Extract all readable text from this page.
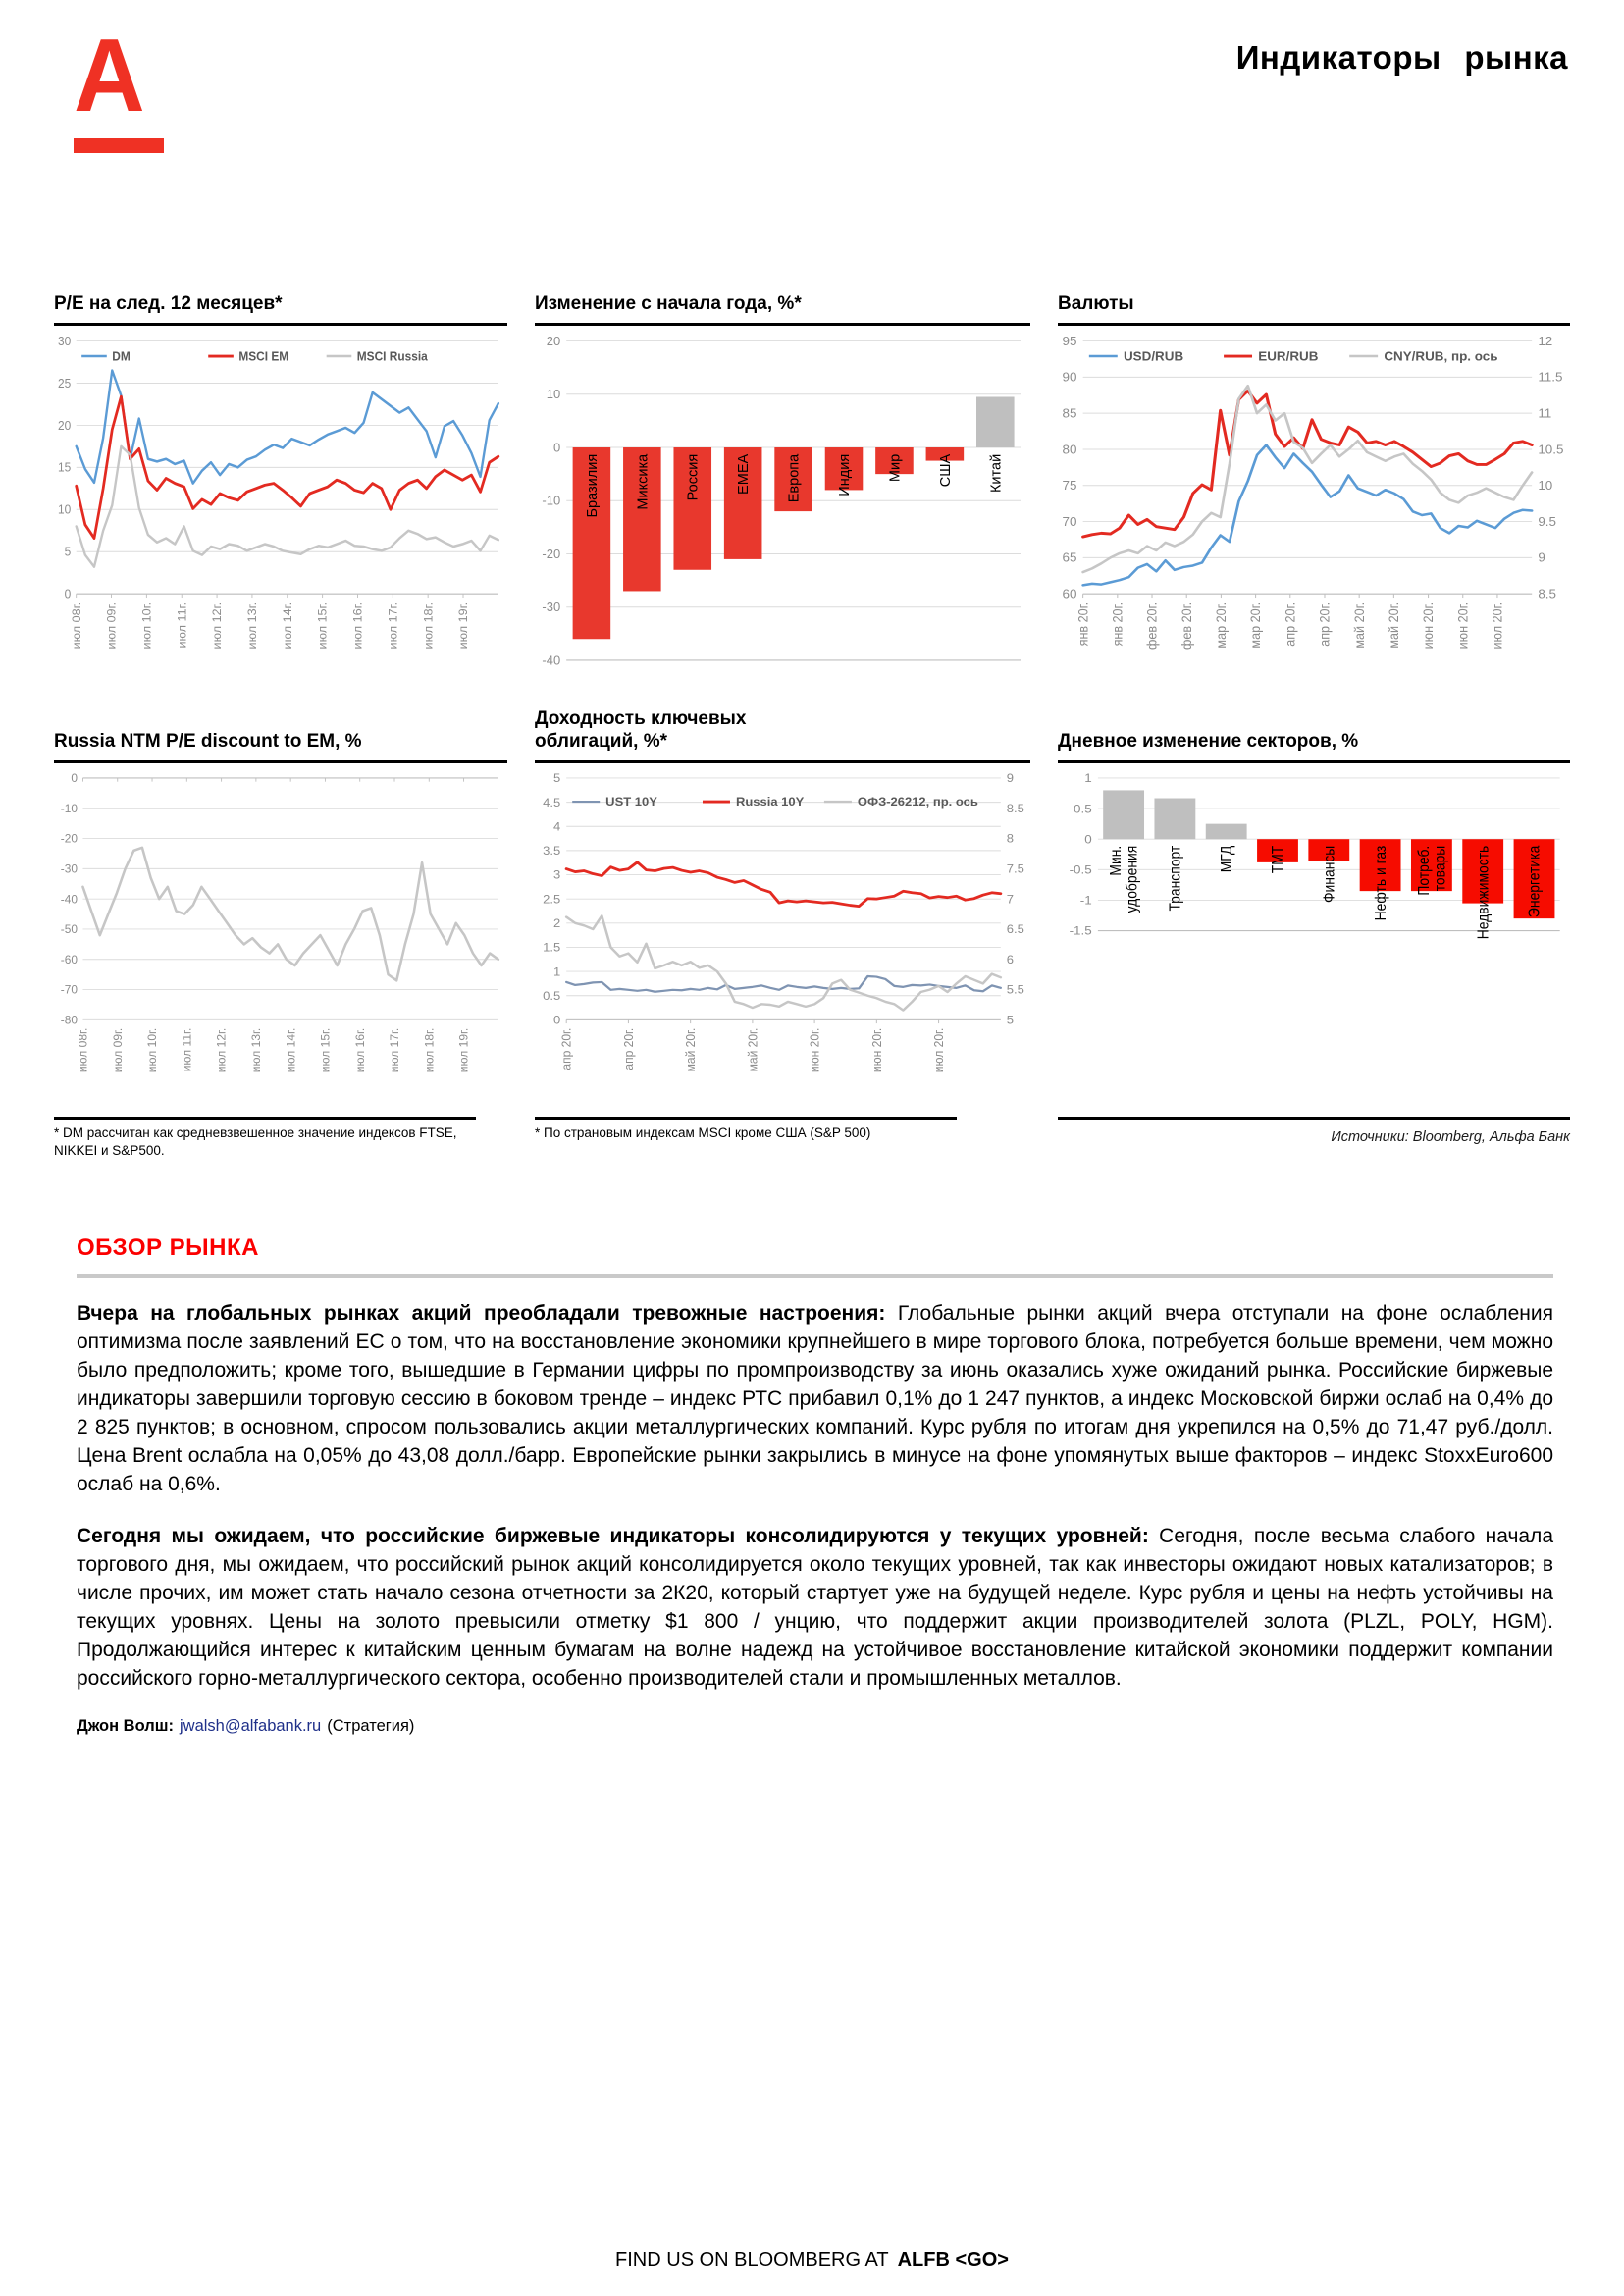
А	Индикаторы рынка
Р/Е на след. 12 месяцев*
0
5
10
15
20
25
30
июл 08г. июл 09г. июл 10г. июл 11г. июл 12г. июл 13г. июл 14г. июл 15г. июл 16г. июл 17г. июл 18г. июл 19г.
DM	MSCI EM	MSCI Russia
Изменение с начала года, %*
20
10
0
-10
-20
-30
-40
Бразилия Миксика Россия EMEA Европа Индия Мир США Китай
Валюты
60
65
70
75
80
85
90
95
8.5
9
9.5
10
10.5
11
11.5
12
янв 20г. янв 20г. фев 20г. фев 20г. мар 20г. мар 20г. апр 20г. апр 20г. май 20г. май 20г. июн 20г. июн 20г. июл 20г.
USD/RUB	EUR/RUB	CNY/RUB, пр. ось
Russia NTM P/E discount to EM, %
0
-10
-20
-30
-40
-50
-60
-70
-80
июл 08г. июл 09г. июл 10г. июл 11г. июл 12г. июл 13г. июл 14г. июл 15г. июл 16г. июл 17г. июл 18г. июл 19г.
* DM рассчитан как средневзвешенное значение индексов FTSE, NIKKEI и S&P500.
Доходность ключевых облигаций, %*
0
0.5
1
1.5
2
2.5
3
3.5
4
4.5
5
5
5.5
6
6.5
7
7.5
8
8.5
9
апр 20г.	апр 20г.	май 20г.	май 20г.	июн 20г.	июн 20г.	июл 20г.
UST 10Y	Russia 10Y	ОФЗ-26212, пр. ось
* По страновым индексам MSCI кроме США (S&P 500)
Дневное изменение секторов, %
1
0.5
0
-0.5
-1
-1.5
Мин. удобрения Транспорт МГД ТМТ Финансы Нефть и газ Потреб. товары Недвижимость Энергетика
Источники: Bloomberg, Альфа Банк
ОБЗОР РЫНКА

Вчера на глобальных рынках акций преобладали тревожные настроения: Глобальные рынки акций вчера отступали на фоне ослабления оптимизма после заявлений ЕС о том, что на восстановление экономики крупнейшего в мире торгового блока, потребуется больше времени, чем можно было предположить; кроме того, вышедшие в Германии цифры по промпроизводству за июнь оказались хуже ожиданий рынка. Российские биржевые индикаторы завершили торговую сессию в боковом тренде – индекс РТС прибавил 0,1% до 1 247 пунктов, а индекс Московской биржи ослаб на 0,4% до 2 825 пунктов; в основном, спросом пользовались акции металлургических компаний. Курс рубля по итогам дня укрепился на 0,5% до 71,47 руб./долл. Цена Brent ослабла на 0,05% до 43,08 долл./барр. Европейские рынки закрылись в минусе на фоне упомянутых выше факторов – индекс StoxxEuro600 ослаб на 0,6%.

Сегодня мы ожидаем, что российские биржевые индикаторы консолидируются у текущих уровней: Сегодня, после весьма слабого начала торгового дня, мы ожидаем, что российский рынок акций консолидируется около текущих уровней, так как инвесторы ожидают новых катализаторов; в числе прочих, им может стать начало сезона отчетности за 2К20, который стартует уже на будущей неделе. Курс рубля и цены на нефть устойчивы на текущих уровнях. Цены на золото превысили отметку $1 800 / унцию, что поддержит акции производителей золота (PLZL, POLY, HGM). Продолжающийся интерес к китайским ценным бумагам на волне надежд на устойчивое восстановление китайской экономики поддержит компании российского горно-металлургического сектора, особенно производителей стали и промышленных металлов.

Джон Волш: jwalsh@alfabank.ru (Стратегия)
FIND US ON BLOOMBERG AT ALFB <GO>
